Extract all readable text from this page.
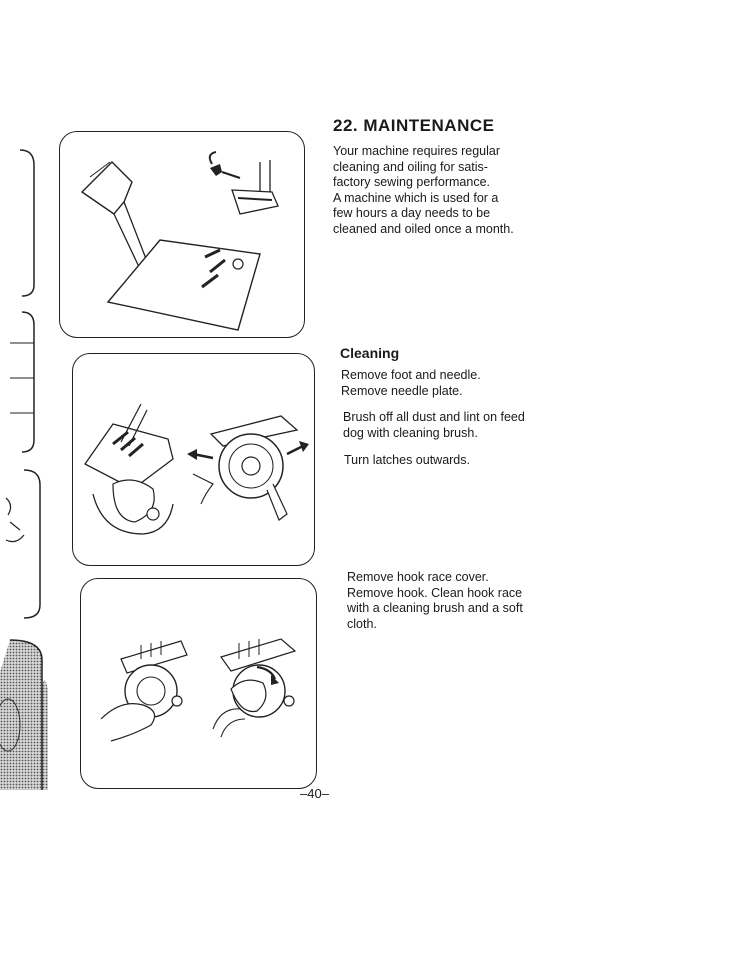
22. MAINTENANCE

Your machine requires regular
cleaning and oiling for satis-
factory sewing performance.
A machine which is used for a
few hours a day needs to be
cleaned and oiled once a month.

Cleaning

Remove foot and needle.
Remove needle plate.

Brush off all dust and lint on feed
dog with cleaning brush.

Turn latches outwards.

Remove hook race cover.
Remove hook. Clean hook race
with a cleaning brush and a soft
cloth.

–40–
